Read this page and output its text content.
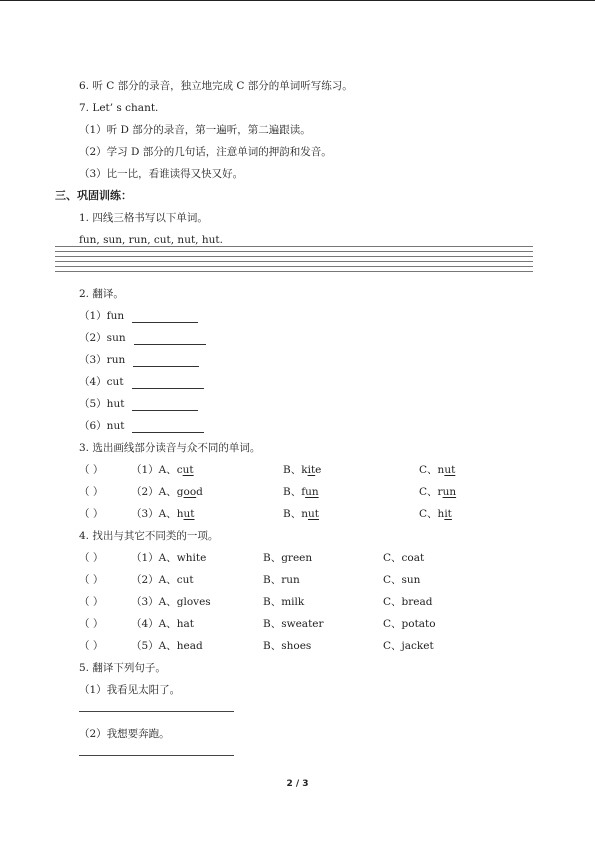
6. 听 C 部分的录音，独立地完成 C 部分的单词听写练习。
7. Let’ s chant.
（1）听 D 部分的录音，第一遍听，第二遍跟读。
（2）学习 D 部分的几句话，注意单词的押韵和发音。
（3）比一比，看谁读得又快又好。
三、巩固训练：
1. 四线三格书写以下单词。
fun, sun, run, cut, nut, hut.
2. 翻译。
（1）fun
（2）sun
（3）run
（4）cut
（5）hut
（6）nut
3. 选出画线部分读音与众不同的单词。
（ ）	（1）A、cut	B、kite	C、nut
（ ）	（2）A、good	B、fun	C、run
（ ）	（3）A、hut	B、nut	C、hit
4. 找出与其它不同类的一项。
（ ）	（1）A、white	B、green	C、coat
（ ）	（2）A、cut	B、run	C、sun
（ ）	（3）A、gloves	B、milk	C、bread
（ ）	（4）A、hat	B、sweater	C、potato
（ ）	（5）A、head	B、shoes	C、jacket
5. 翻译下列句子。
（1）我看见太阳了。
（2）我想要奔跑。
2 / 3
